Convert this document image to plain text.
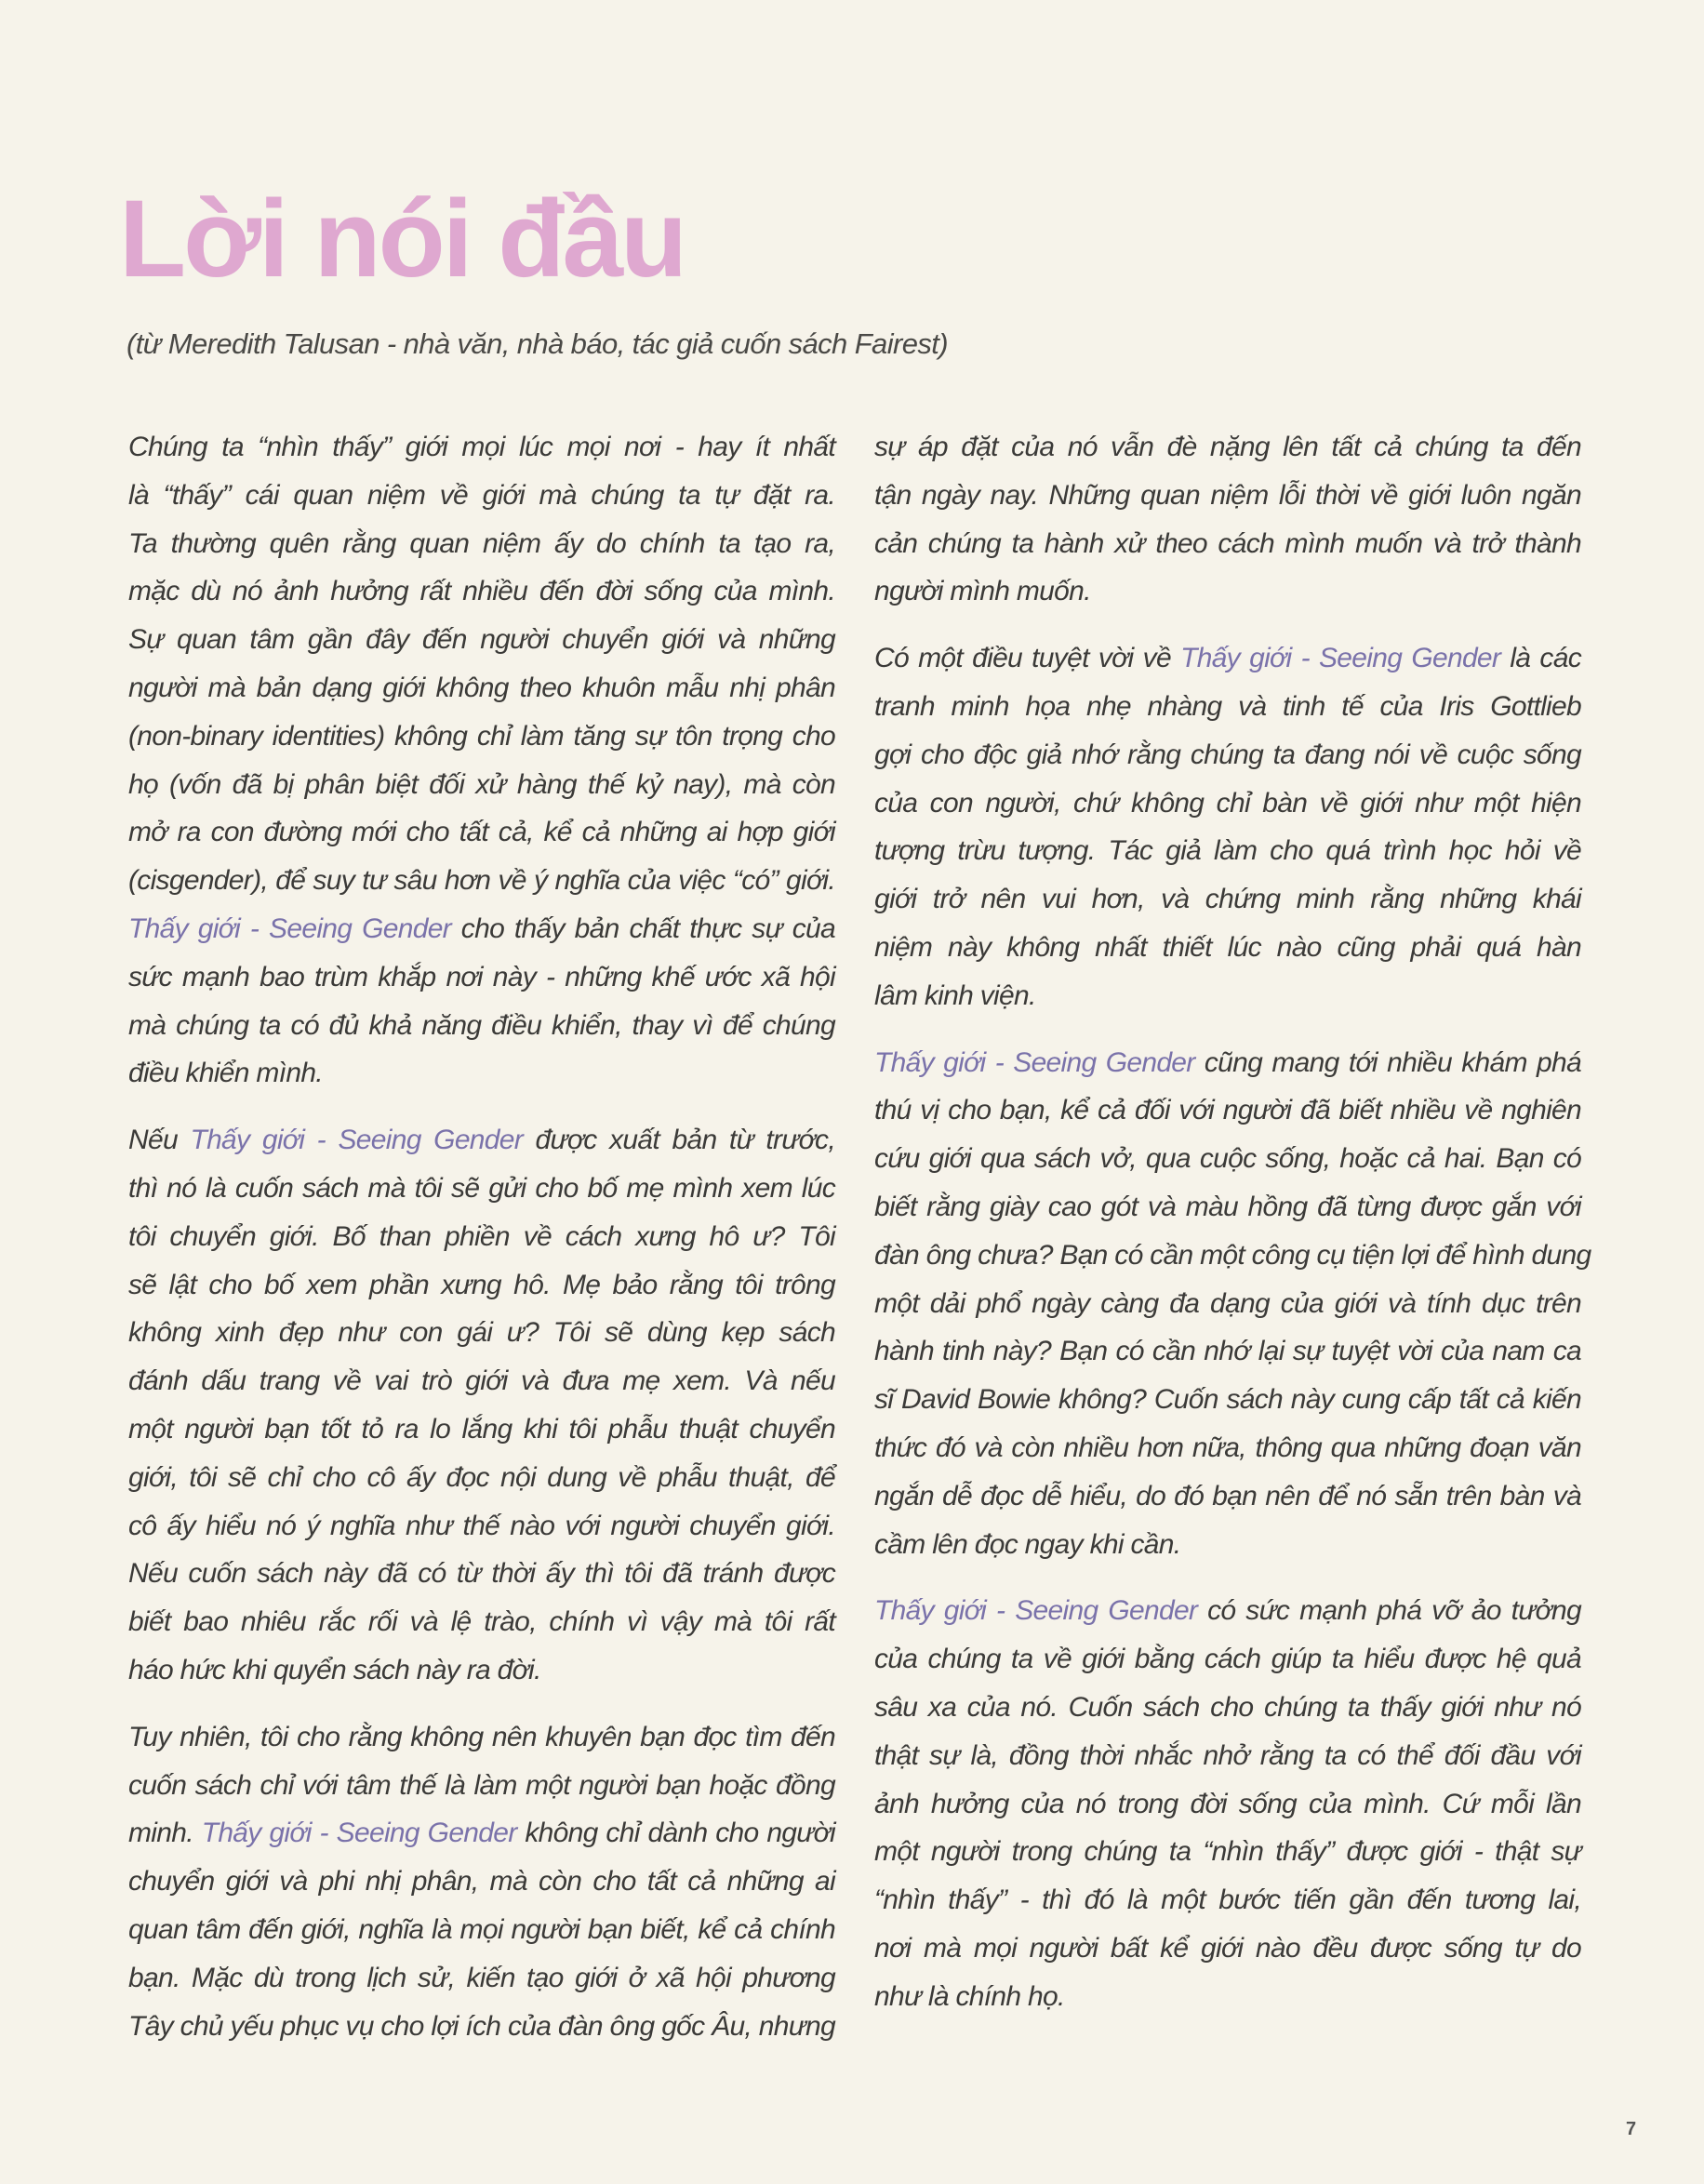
Lời nói đầu
(từ Meredith Talusan - nhà văn, nhà báo, tác giả cuốn sách Fairest)
Chúng ta “nhìn thấy” giới mọi lúc mọi nơi - hay ít nhất
là “thấy” cái quan niệm về giới mà chúng ta tự đặt ra.
Ta thường quên rằng quan niệm ấy do chính ta tạo ra,
mặc dù nó ảnh hưởng rất nhiều đến đời sống của mình.
Sự quan tâm gần đây đến người chuyển giới và những
người mà bản dạng giới không theo khuôn mẫu nhị phân
(non-binary identities) không chỉ làm tăng sự tôn trọng cho
họ (vốn đã bị phân biệt đối xử hàng thế kỷ nay), mà còn
mở ra con đường mới cho tất cả, kể cả những ai hợp giới
(cisgender), để suy tư sâu hơn về ý nghĩa của việc “có” giới.
Thấy giới - Seeing Gender cho thấy bản chất thực sự của
sức mạnh bao trùm khắp nơi này - những khế ước xã hội
mà chúng ta có đủ khả năng điều khiển, thay vì để chúng
điều khiển mình.
Nếu Thấy giới - Seeing Gender được xuất bản từ trước,
thì nó là cuốn sách mà tôi sẽ gửi cho bố mẹ mình xem lúc
tôi chuyển giới. Bố than phiền về cách xưng hô ư? Tôi
sẽ lật cho bố xem phần xưng hô. Mẹ bảo rằng tôi trông
không xinh đẹp như con gái ư? Tôi sẽ dùng kẹp sách
đánh dấu trang về vai trò giới và đưa mẹ xem. Và nếu
một người bạn tốt tỏ ra lo lắng khi tôi phẫu thuật chuyển
giới, tôi sẽ chỉ cho cô ấy đọc nội dung về phẫu thuật, để
cô ấy hiểu nó ý nghĩa như thế nào với người chuyển giới.
Nếu cuốn sách này đã có từ thời ấy thì tôi đã tránh được
biết bao nhiêu rắc rối và lệ trào, chính vì vậy mà tôi rất
háo hức khi quyển sách này ra đời.
Tuy nhiên, tôi cho rằng không nên khuyên bạn đọc tìm đến
cuốn sách chỉ với tâm thế là làm một người bạn hoặc đồng
minh. Thấy giới - Seeing Gender không chỉ dành cho người
chuyển giới và phi nhị phân, mà còn cho tất cả những ai
quan tâm đến giới, nghĩa là mọi người bạn biết, kể cả chính
bạn. Mặc dù trong lịch sử, kiến tạo giới ở xã hội phương
Tây chủ yếu phục vụ cho lợi ích của đàn ông gốc Âu, nhưng
sự áp đặt của nó vẫn đè nặng lên tất cả chúng ta đến
tận ngày nay. Những quan niệm lỗi thời về giới luôn ngăn
cản chúng ta hành xử theo cách mình muốn và trở thành
người mình muốn.
Có một điều tuyệt vời về Thấy giới - Seeing Gender là các
tranh minh họa nhẹ nhàng và tinh tế của Iris Gottlieb
gợi cho độc giả nhớ rằng chúng ta đang nói về cuộc sống
của con người, chứ không chỉ bàn về giới như một hiện
tượng trừu tượng. Tác giả làm cho quá trình học hỏi về
giới trở nên vui hơn, và chứng minh rằng những khái
niệm này không nhất thiết lúc nào cũng phải quá hàn
lâm kinh viện.
Thấy giới - Seeing Gender cũng mang tới nhiều khám phá
thú vị cho bạn, kể cả đối với người đã biết nhiều về nghiên
cứu giới qua sách vở, qua cuộc sống, hoặc cả hai. Bạn có
biết rằng giày cao gót và màu hồng đã từng được gắn với
đàn ông chưa? Bạn có cần một công cụ tiện lợi để hình dung
một dải phổ ngày càng đa dạng của giới và tính dục trên
hành tinh này? Bạn có cần nhớ lại sự tuyệt vời của nam ca
sĩ David Bowie không? Cuốn sách này cung cấp tất cả kiến
thức đó và còn nhiều hơn nữa, thông qua những đoạn văn
ngắn dễ đọc dễ hiểu, do đó bạn nên để nó sẵn trên bàn và
cầm lên đọc ngay khi cần.
Thấy giới - Seeing Gender có sức mạnh phá vỡ ảo tưởng
của chúng ta về giới bằng cách giúp ta hiểu được hệ quả
sâu xa của nó. Cuốn sách cho chúng ta thấy giới như nó
thật sự là, đồng thời nhắc nhở rằng ta có thể đối đầu với
ảnh hưởng của nó trong đời sống của mình. Cứ mỗi lần
một người trong chúng ta “nhìn thấy” được giới - thật sự
“nhìn thấy” - thì đó là một bước tiến gần đến tương lai,
nơi mà mọi người bất kể giới nào đều được sống tự do
như là chính họ.
7
